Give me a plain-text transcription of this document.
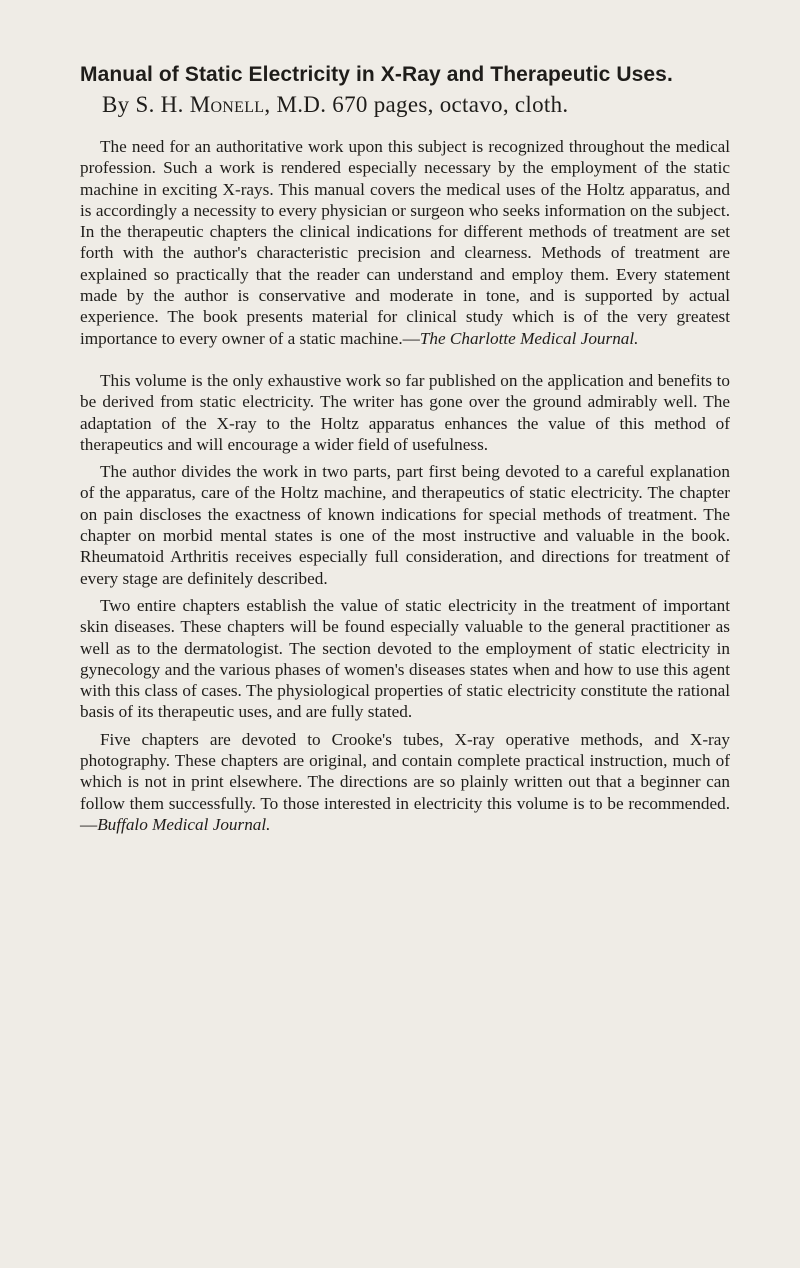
Manual of Static Electricity in X-Ray and Therapeutic Uses.
By S. H. Monell, M.D. 670 pages, octavo, cloth.

The need for an authoritative work upon this subject is recognized throughout the medical profession. Such a work is rendered especially necessary by the employment of the static machine in exciting X-rays. This manual covers the medical uses of the Holtz apparatus, and is accordingly a necessity to every physician or surgeon who seeks information on the subject. In the therapeutic chapters the clinical indications for different methods of treatment are set forth with the author's characteristic precision and clearness. Methods of treatment are explained so practically that the reader can understand and employ them. Every statement made by the author is conservative and moderate in tone, and is supported by actual experience. The book presents material for clinical study which is of the very greatest importance to every owner of a static machine.—The Charlotte Medical Journal.

This volume is the only exhaustive work so far published on the application and benefits to be derived from static electricity. The writer has gone over the ground admirably well. The adaptation of the X-ray to the Holtz apparatus enhances the value of this method of therapeutics and will encourage a wider field of usefulness.

The author divides the work in two parts, part first being devoted to a careful explanation of the apparatus, care of the Holtz machine, and therapeutics of static electricity. The chapter on pain discloses the exactness of known indications for special methods of treatment. The chapter on morbid mental states is one of the most instructive and valuable in the book. Rheumatoid Arthritis receives especially full consideration, and directions for treatment of every stage are definitely described.

Two entire chapters establish the value of static electricity in the treatment of important skin diseases. These chapters will be found especially valuable to the general practitioner as well as to the dermatologist. The section devoted to the employment of static electricity in gynecology and the various phases of women's diseases states when and how to use this agent with this class of cases. The physiological properties of static electricity constitute the rational basis of its therapeutic uses, and are fully stated.

Five chapters are devoted to Crooke's tubes, X-ray operative methods, and X-ray photography. These chapters are original, and contain complete practical instruction, much of which is not in print elsewhere. The directions are so plainly written out that a beginner can follow them successfully. To those interested in electricity this volume is to be recommended.—Buffalo Medical Journal.
